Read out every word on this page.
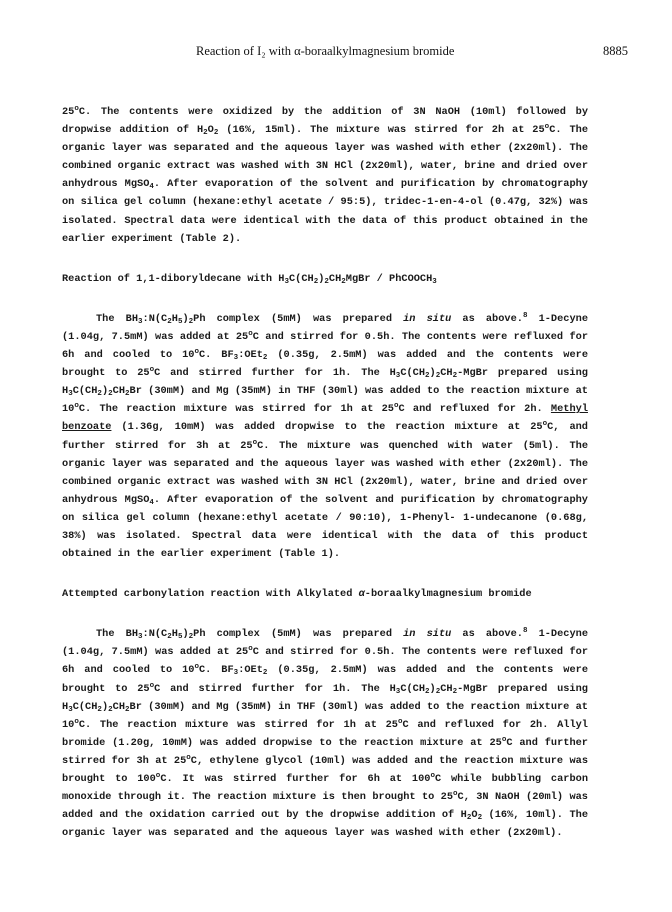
Reaction of I₂ with α-boraalkylmagnesium bromide	8885

25$^o$C. The contents were oxidized by the addition of 3N NaOH (10ml) followed by dropwise addition of $H_2O_2$ (16%, 15ml). The mixture was stirred for 2h at 25$^o$C. The organic layer was separated and the aqueous layer was washed with ether (2x20ml). The combined organic extract was washed with 3N HCl (2x20ml), water, brine and dried over anhydrous MgSO$_4$. After evaporation of the solvent and purification by chromatography on silica gel column (hexane:ethyl acetate / 95:5), tridec-1-en-4-ol (0.47g, 32%) was isolated. Spectral data were identical with the data of this product obtained in the earlier experiment (Table 2).

Reaction of 1,1-diboryldecane with $H_3C(CH_2)_2CH_2MgBr$ / PhCOOCH$_3$

The $BH_3:N(C_2H_5)_2Ph$ complex (5mM) was prepared in situ as above.$^8$ 1-Decyne (1.04g, 7.5mM) was added at 25$^o$C and stirred for 0.5h. The contents were refluxed for 6h and cooled to 10$^o$C. $BF_3:OEt_2$ (0.35g, 2.5mM) was added and the contents were brought to 25$^o$C and stirred further for 1h. The $H_3C(CH_2)_2CH_2$-MgBr prepared using $H_3C(CH_2)_2CH_2Br$ (30mM) and Mg (35mM) in THF (30ml) was added to the reaction mixture at 10$^o$C. The reaction mixture was stirred for 1h at 25$^o$C and refluxed for 2h. Methyl benzoate (1.36g, 10mM) was added dropwise to the reaction mixture at 25$^o$C, and further stirred for 3h at 25$^o$C. The mixture was quenched with water (5ml). The organic layer was separated and the aqueous layer was washed with ether (2x20ml). The combined organic extract was washed with 3N HCl (2x20ml), water, brine and dried over anhydrous MgSO$_4$. After evaporation of the solvent and purification by chromatography on silica gel column (hexane:ethyl acetate / 90:10), 1-Phenyl- 1-undecanone (0.68g, 38%) was isolated. Spectral data were identical with the data of this product obtained in the earlier experiment (Table 1).

Attempted carbonylation reaction with Alkylated α-boraalkylmagnesium bromide

The $BH_3:N(C_2H_5)_2Ph$ complex (5mM) was prepared in situ as above.$^8$ 1-Decyne (1.04g, 7.5mM) was added at 25$^o$C and stirred for 0.5h. The contents were refluxed for 6h and cooled to 10$^o$C. $BF_3:OEt_2$ (0.35g, 2.5mM) was added and the contents were brought to 25$^o$C and stirred further for 1h. The $H_3C(CH_2)_2CH_2$-MgBr prepared using $H_3C(CH_2)_2CH_2Br$ (30mM) and Mg (35mM) in THF (30ml) was added to the reaction mixture at 10$^o$C. The reaction mixture was stirred for 1h at 25$^o$C and refluxed for 2h. Allyl bromide (1.20g, 10mM) was added dropwise to the reaction mixture at 25$^o$C and further stirred for 3h at 25$^o$C, ethylene glycol (10ml) was added and the reaction mixture was brought to 100$^o$C. It was stirred further for 6h at 100$^o$C while bubbling carbon monoxide through it. The reaction mixture is then brought to 25$^o$C, 3N NaOH (20ml) was added and the oxidation carried out by the dropwise addition of $H_2O_2$ (16%, 10ml). The organic layer was separated and the aqueous layer was washed with ether (2x20ml).
